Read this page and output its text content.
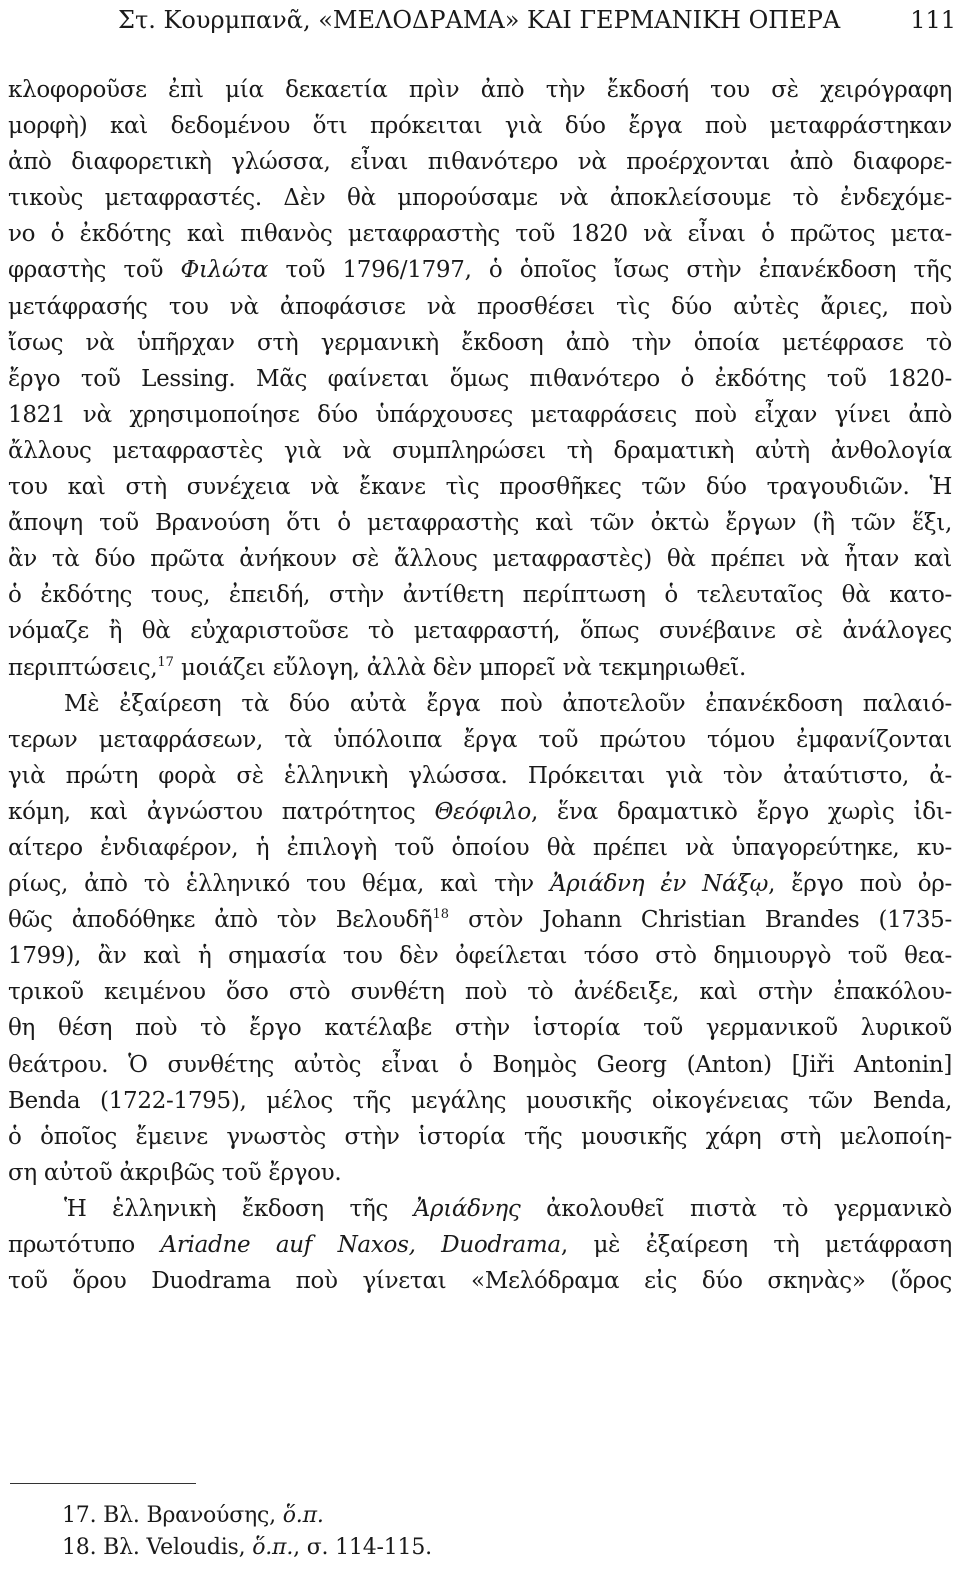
Στ. Κουρμπανᾶ, «ΜΕΛΟΔΡΑΜΑ» ΚΑΙ ΓΕΡΜΑΝΙΚΗ ΟΠΕΡΑ	111
κλοφοροῦσε ἐπὶ μία δεκαετία πρὶν ἀπὸ τὴν ἔκδοσή του σὲ χειρόγραφη
μορφὴ) καὶ δεδομένου ὅτι πρόκειται γιὰ δύο ἔργα ποὺ μεταφράστηκαν
ἀπὸ διαφορετικὴ γλώσσα, εἶναι πιθανότερο νὰ προέρχονται ἀπὸ διαφορε-
τικοὺς μεταφραστές. Δὲν θὰ μπορούσαμε νὰ ἀποκλείσουμε τὸ ἐνδεχόμε-
νο ὁ ἐκδότης καὶ πιθανὸς μεταφραστὴς τοῦ 1820 νὰ εἶναι ὁ πρῶτος μετα-
φραστὴς τοῦ Φιλώτα τοῦ 1796/1797, ὁ ὁποῖος ἴσως στὴν ἐπανέκδοση τῆς
μετάφρασής του νὰ ἀποφάσισε νὰ προσθέσει τὶς δύο αὐτὲς ἄριες, ποὺ
ἴσως νὰ ὑπῆρχαν στὴ γερμανικὴ ἔκδοση ἀπὸ τὴν ὁποία μετέφρασε τὸ
ἔργο τοῦ Lessing. Μᾶς φαίνεται ὅμως πιθανότερο ὁ ἐκδότης τοῦ 1820-
1821 νὰ χρησιμοποίησε δύο ὑπάρχουσες μεταφράσεις ποὺ εἶχαν γίνει ἀπὸ
ἄλλους μεταφραστὲς γιὰ νὰ συμπληρώσει τὴ δραματικὴ αὐτὴ ἀνθολογία
του καὶ στὴ συνέχεια νὰ ἔκανε τὶς προσθῆκες τῶν δύο τραγουδιῶν. Ἡ
ἄποψη τοῦ Βρανούση ὅτι ὁ μεταφραστὴς καὶ τῶν ὀκτὼ ἔργων (ἢ τῶν ἕξι,
ἂν τὰ δύο πρῶτα ἀνήκουν σὲ ἄλλους μεταφραστὲς) θὰ πρέπει νὰ ἦταν καὶ
ὁ ἐκδότης τους, ἐπειδή, στὴν ἀντίθετη περίπτωση ὁ τελευταῖος θὰ κατο-
νόμαζε ἢ θὰ εὐχαριστοῦσε τὸ μεταφραστή, ὅπως συνέβαινε σὲ ἀνάλογες
περιπτώσεις,$^{17}$ μοιάζει εὔλογη, ἀλλὰ δὲν μπορεῖ νὰ τεκμηριωθεῖ.
Μὲ ἐξαίρεση τὰ δύο αὐτὰ ἔργα ποὺ ἀποτελοῦν ἐπανέκδοση παλαιό-
τερων μεταφράσεων, τὰ ὑπόλοιπα ἔργα τοῦ πρώτου τόμου ἐμφανίζονται
γιὰ πρώτη φορὰ σὲ ἑλληνικὴ γλώσσα. Πρόκειται γιὰ τὸν ἀταύτιστο, ἀ-
κόμη, καὶ ἀγνώστου πατρότητος Θεόφιλο, ἕνα δραματικὸ ἔργο χωρὶς ἰδι-
αίτερο ἐνδιαφέρον, ἡ ἐπιλογὴ τοῦ ὁποίου θὰ πρέπει νὰ ὑπαγορεύτηκε, κυ-
ρίως, ἀπὸ τὸ ἑλληνικό του θέμα, καὶ τὴν Ἀριάδνη ἐν Νάξῳ, ἔργο ποὺ ὀρ-
θῶς ἀποδόθηκε ἀπὸ τὸν Βελουδῆ$^{18}$ στὸν Johann Christian Brandes (1735-
1799), ἂν καὶ ἡ σημασία του δὲν ὀφείλεται τόσο στὸ δημιουργὸ τοῦ θεα-
τρικοῦ κειμένου ὅσο στὸ συνθέτη ποὺ τὸ ἀνέδειξε, καὶ στὴν ἐπακόλου-
θη θέση ποὺ τὸ ἔργο κατέλαβε στὴν ἱστορία τοῦ γερμανικοῦ λυρικοῦ
θεάτρου. Ὁ συνθέτης αὐτὸς εἶναι ὁ Βοημὸς Georg (Anton) [Jiři Antonin]
Benda (1722-1795), μέλος τῆς μεγάλης μουσικῆς οἰκογένειας τῶν Benda,
ὁ ὁποῖος ἔμεινε γνωστὸς στὴν ἱστορία τῆς μουσικῆς χάρη στὴ μελοποίη-
ση αὐτοῦ ἀκριβῶς τοῦ ἔργου.
Ἡ ἑλληνικὴ ἔκδοση τῆς Ἀριάδνης ἀκολουθεῖ πιστὰ τὸ γερμανικὸ
πρωτότυπο Ariadne auf Naxos, Duodrama, μὲ ἐξαίρεση τὴ μετάφραση
τοῦ ὅρου Duodrama ποὺ γίνεται «Μελόδραμα εἰς δύο σκηνὰς» (ὅρος
17. Βλ. Βρανούσης, ὅ.π.
18. Βλ. Veloudis, ὅ.π., σ. 114-115.
